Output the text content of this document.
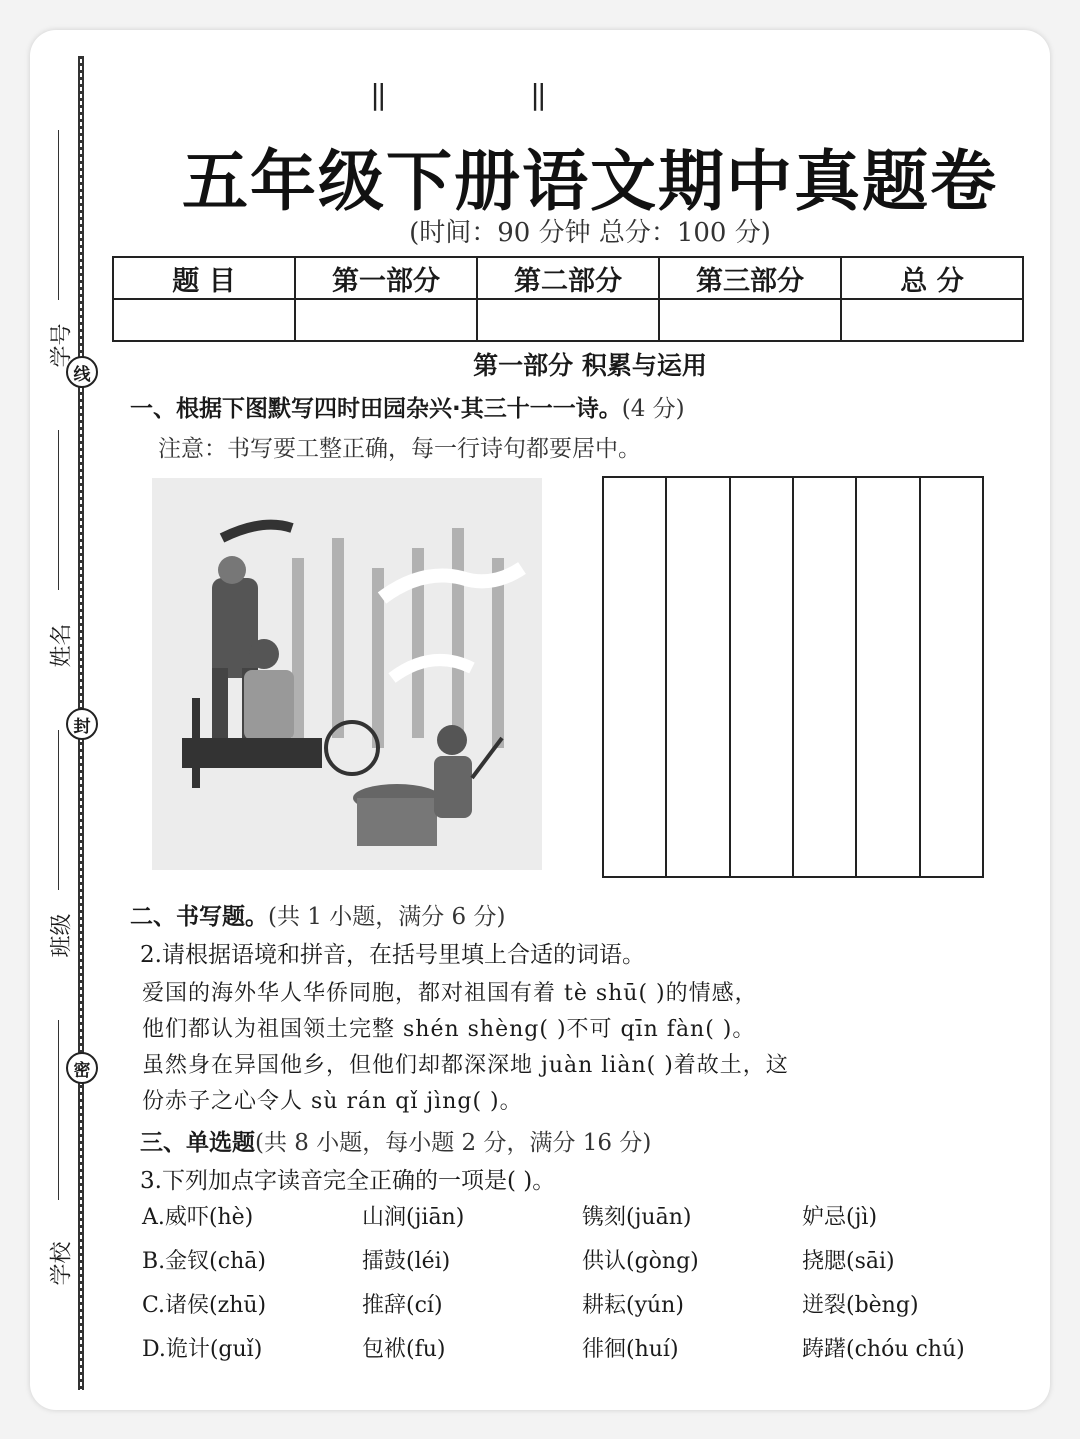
线
封
密
学号
姓名
班级
学校
‖	‖
五年级下册语文期中真题卷
(时间：90 分钟 总分：100 分)
题 目	第一部分	第二部分	第三部分	总 分

第一部分 积累与运用
一、根据下图默写四时田园杂兴·其三十一一诗。(4 分)
注意：书写要工整正确，每一行诗句都要居中。
二、书写题。(共 1 小题，满分 6 分)
2.请根据语境和拼音，在括号里填上合适的词语。
爱国的海外华人华侨同胞，都对祖国有着 tè shū( )的情感，
他们都认为祖国领土完整 shén shèng( )不可 qīn fàn( )。
虽然身在异国他乡，但他们却都深深地 juàn liàn( )着故土，这
份赤子之心令人 sù rán qǐ jìng( )。
三、单选题(共 8 小题，每小题 2 分，满分 16 分)
3.下列加点字读音完全正确的一项是( )。
A.威吓(hè)	山涧(jiān)	镌刻(juān)	妒忌(jì)
B.金钗(chā)	擂鼓(léi)	供认(gòng)	挠腮(sāi)
C.诸侯(zhū)	推辞(cí)	耕耘(yún)	迸裂(bèng)
D.诡计(guǐ)	包袱(fu)	徘徊(huí)	踌躇(chóu chú)
